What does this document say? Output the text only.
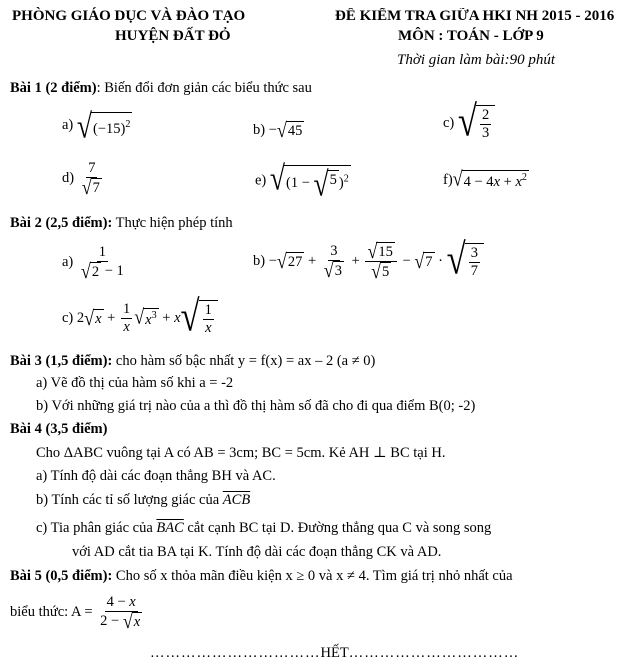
PHÒNG GIÁO DỤC VÀ ĐÀO TẠO
HUYỆN ĐẤT ĐỎ
ĐỀ KIỂM TRA GIỮA HKI NH 2015 - 2016
MÔN : TOÁN - LỚP 9
Thời gian làm bài:90 phút
Bài 1 (2 điểm): Biến đổi đơn giản các biểu thức sau
a) √ $(-15)^2$	b) − √ 45
c) √ $\frac{2}{3}$
$d) \frac{7}{√ 7}$	e) √ (1 − √ 5 )$^2$	f) √ $4 - 4x + x^2$
Bài 2 (2,5 điểm): Thực hiện phép tính
$a) \frac{1}{√ 2 - 1}$	b) − √ $27 + \frac{3}{√ 3} + \frac{√ 15}{√ 5}$ − √ 7 · √ $\frac{3}{7}$
c) 2 √ $x + \frac{1}{x}$ √ $x^3 + x$ √ $\frac{1}{x}$
Bài 3 (1,5 điểm): cho hàm số bậc nhất y = f(x) = ax – 2 (a ≠ 0)
a) Vẽ đồ thị của hàm số khi a = -2
b) Với những giá trị nào của a thì đồ thị hàm số đã cho đi qua điểm B(0; -2)
Bài 4 (3,5 điểm)
Cho ΔABC vuông tại A có AB = 3cm; BC = 5cm. Kẻ AH ⊥ BC tại H.
a) Tính độ dài các đoạn thẳng BH và AC.
b) Tính các tỉ số lượng giác của $\overline{ACB}$
c) Tia phân giác của $\overline{BAC}$ cắt cạnh BC tại D. Đường thẳng qua C và song song
với AD cắt tia BA tại K. Tính độ dài các đoạn thẳng CK và AD.
Bài 5 (0,5 điểm): Cho số x thỏa mãn điều kiện x ≥ 0 và x ≠ 4. Tìm giá trị nhỏ nhất của
biểu thức: $A = \frac{4 - x}{2 - √ x}$
……………………………HẾT……………………………
